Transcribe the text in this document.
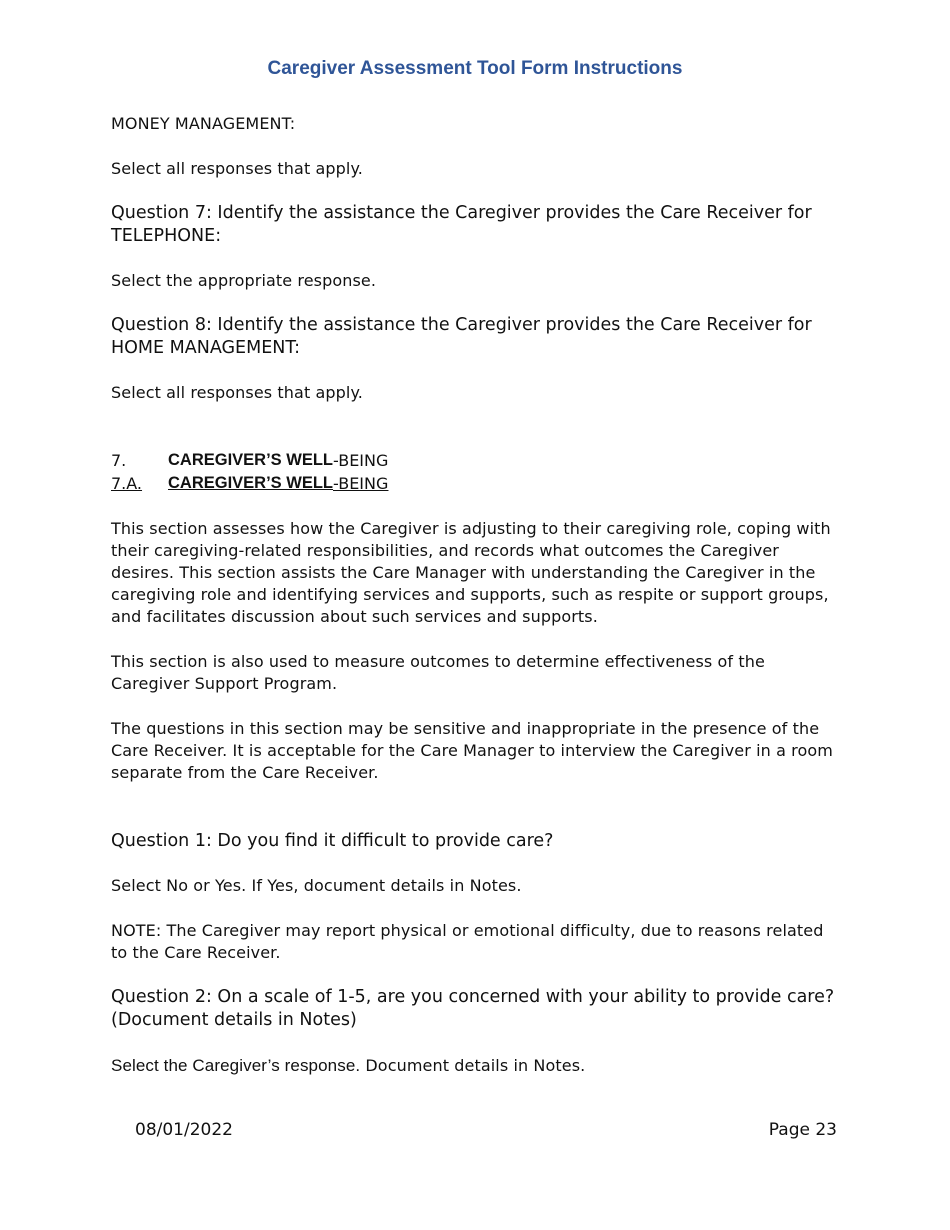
Caregiver Assessment Tool Form Instructions

MONEY MANAGEMENT:

Select all responses that apply.

Question 7: Identify the assistance the Caregiver provides the Care Receiver for TELEPHONE:

Select the appropriate response.

Question 8: Identify the assistance the Caregiver provides the Care Receiver for HOME MANAGEMENT:

Select all responses that apply.

7.	CAREGIVER’S WELL -BEING
7.A.	CAREGIVER’S WELL -BEING

This section assesses how the Caregiver is adjusting to their caregiving role, coping with their caregiving-related responsibilities, and records what outcomes the Caregiver desires. This section assists the Care Manager with understanding the Caregiver in the caregiving role and identifying services and supports, such as respite or support groups, and facilitates discussion about such services and supports.

This section is also used to measure outcomes to determine effectiveness of the Caregiver Support Program.

The questions in this section may be sensitive and inappropriate in the presence of the Care Receiver. It is acceptable for the Care Manager to interview the Caregiver in a room separate from the Care Receiver.

Question 1: Do you find it difficult to provide care?

Select No or Yes. If Yes, document details in Notes.

NOTE: The Caregiver may report physical or emotional difficulty, due to reasons related to the Care Receiver.

Question 2: On a scale of 1-5, are you concerned with your ability to provide care? (Document details in Notes)

Select the Caregiver’s response. Document details in Notes.

08/01/2022	Page 23
